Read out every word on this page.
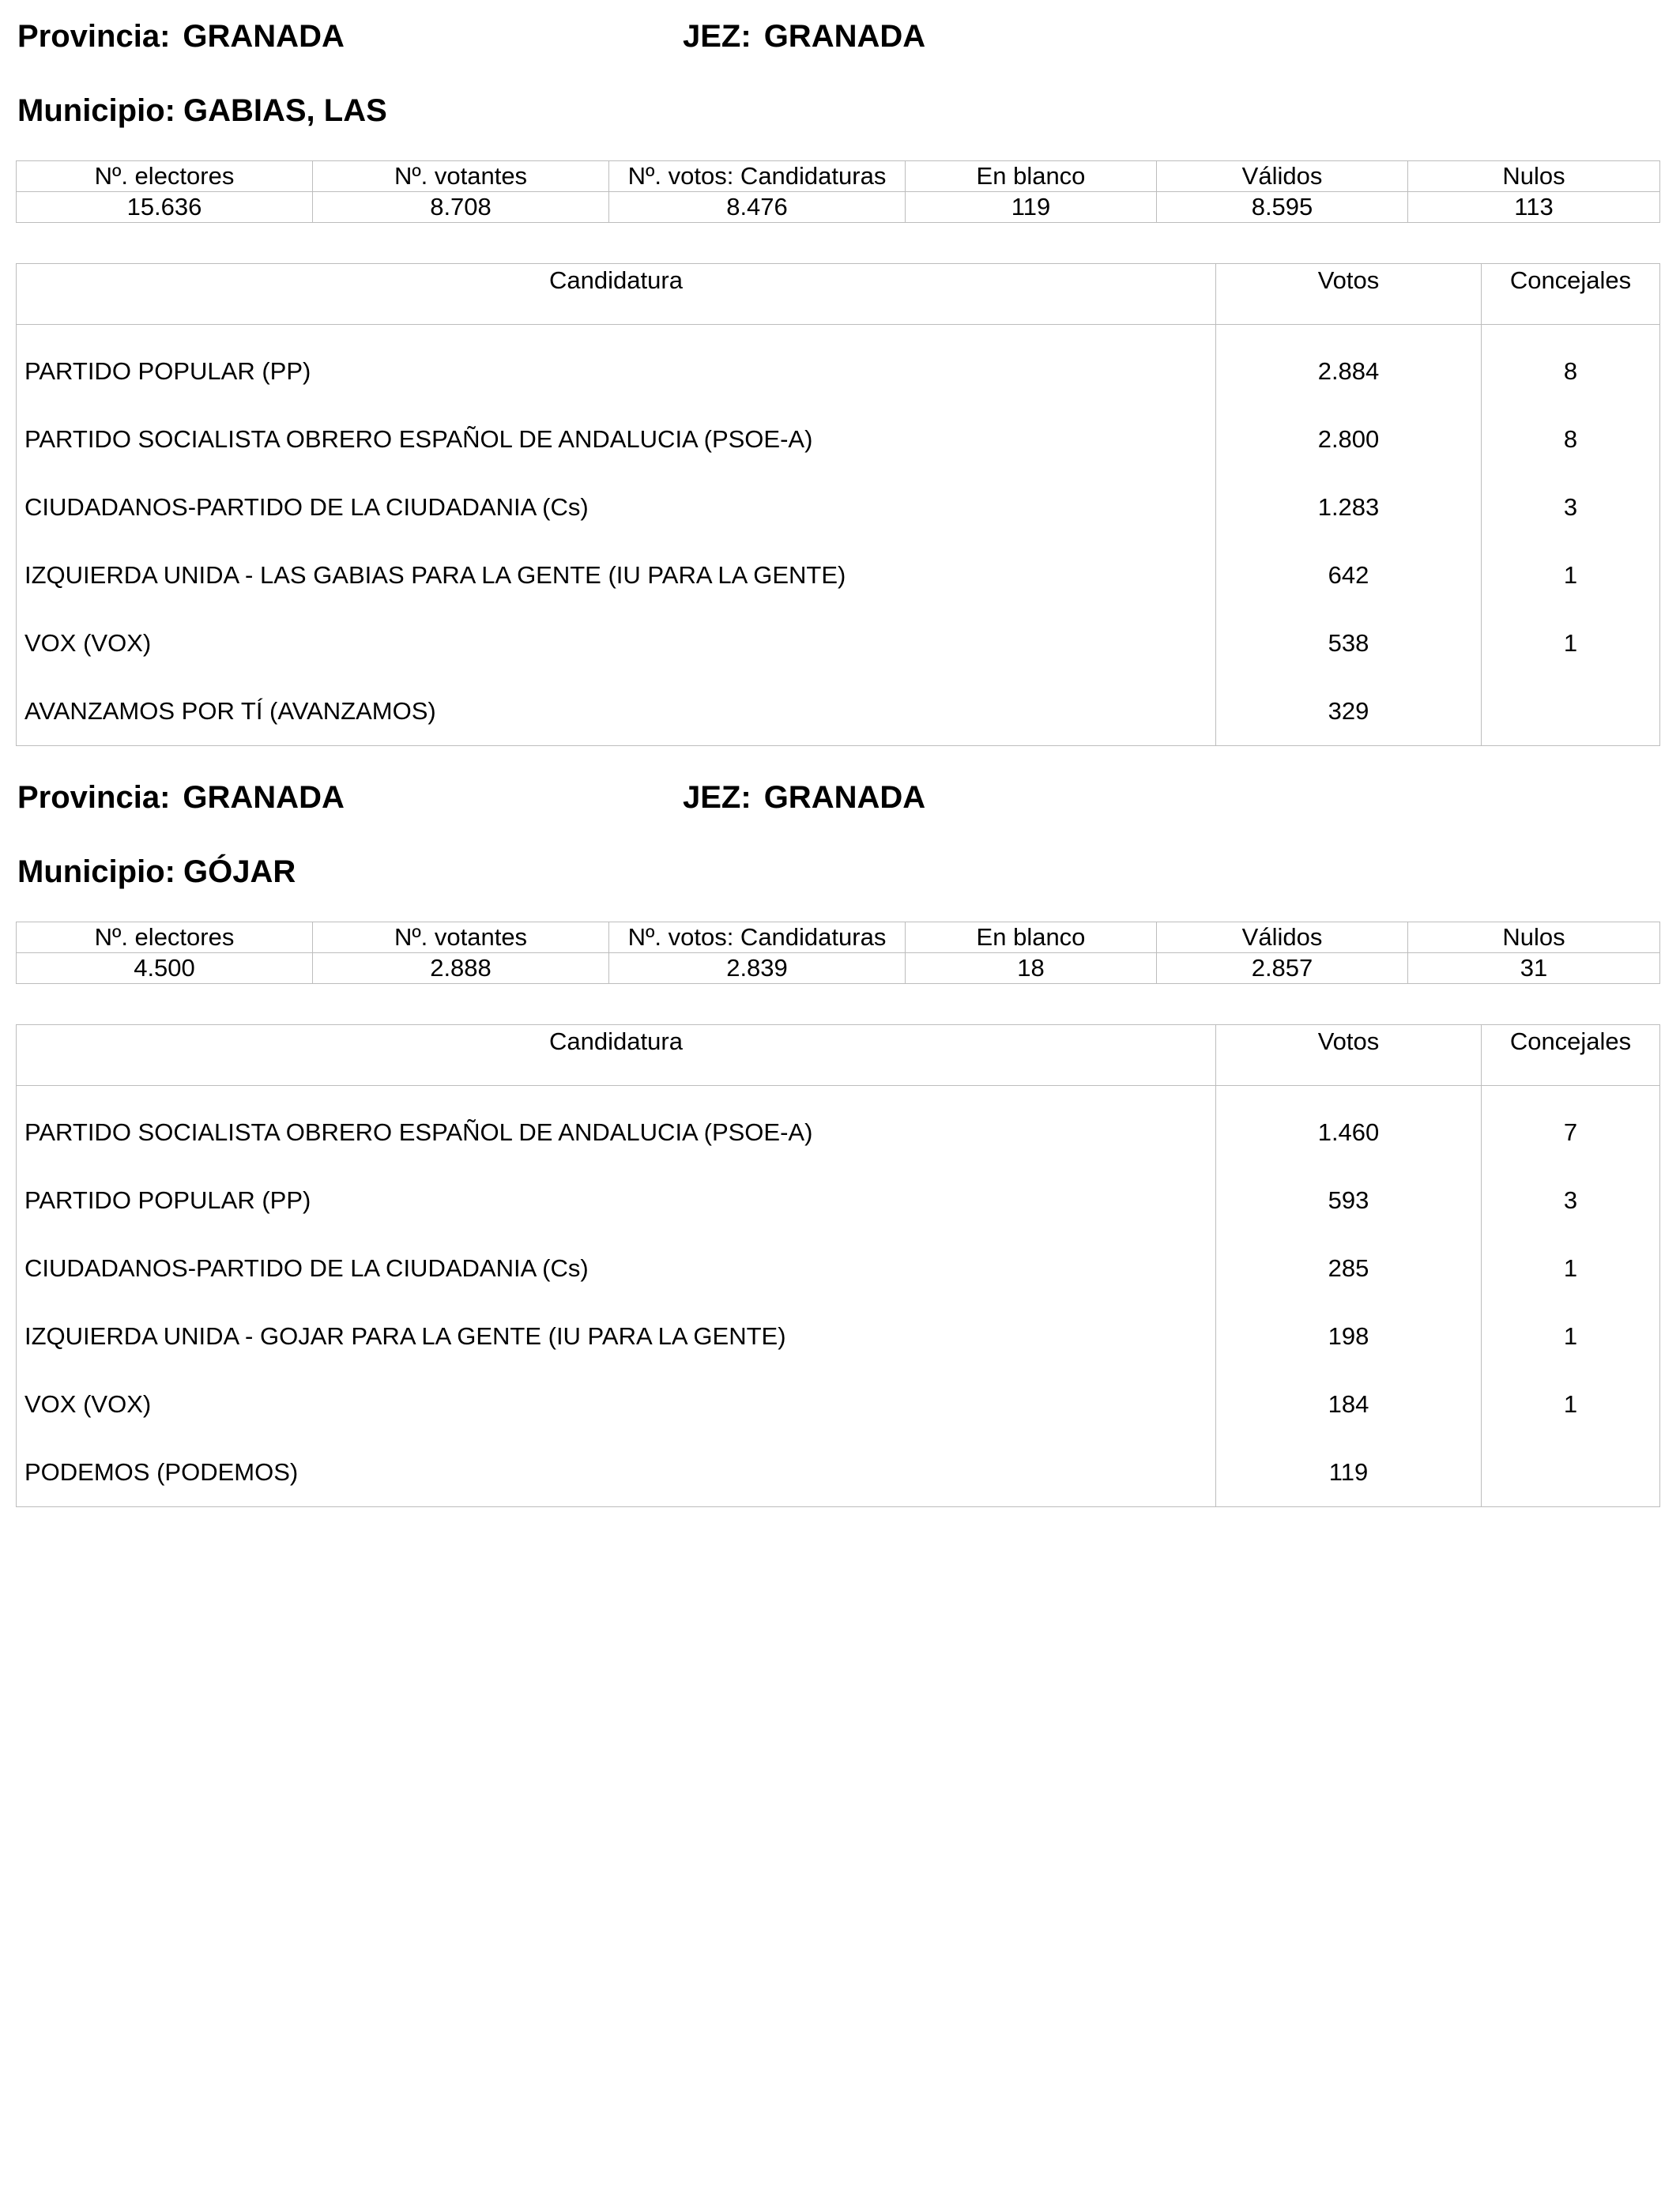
Provincia: GRANADA	JEZ: GRANADA
Municipio: GABIAS, LAS
Nº. electores	Nº. votantes	Nº. votos: Candidaturas	En blanco	Válidos	Nulos
15.636	8.708	8.476	119	8.595	113
Candidatura	Votos	Concejales
PARTIDO POPULAR (PP)	2.884	8
PARTIDO SOCIALISTA OBRERO ESPAÑOL DE ANDALUCIA (PSOE-A)	2.800	8
CIUDADANOS-PARTIDO DE LA CIUDADANIA (Cs)	1.283	3
IZQUIERDA UNIDA - LAS GABIAS PARA LA GENTE (IU PARA LA GENTE)	642	1
VOX (VOX)	538	1
AVANZAMOS POR TÍ (AVANZAMOS)	329	
Provincia: GRANADA	JEZ: GRANADA
Municipio: GÓJAR
Nº. electores	Nº. votantes	Nº. votos: Candidaturas	En blanco	Válidos	Nulos
4.500	2.888	2.839	18	2.857	31
Candidatura	Votos	Concejales
PARTIDO SOCIALISTA OBRERO ESPAÑOL DE ANDALUCIA (PSOE-A)	1.460	7
PARTIDO POPULAR (PP)	593	3
CIUDADANOS-PARTIDO DE LA CIUDADANIA (Cs)	285	1
IZQUIERDA UNIDA - GOJAR PARA LA GENTE (IU PARA LA GENTE)	198	1
VOX (VOX)	184	1
PODEMOS (PODEMOS)	119	
